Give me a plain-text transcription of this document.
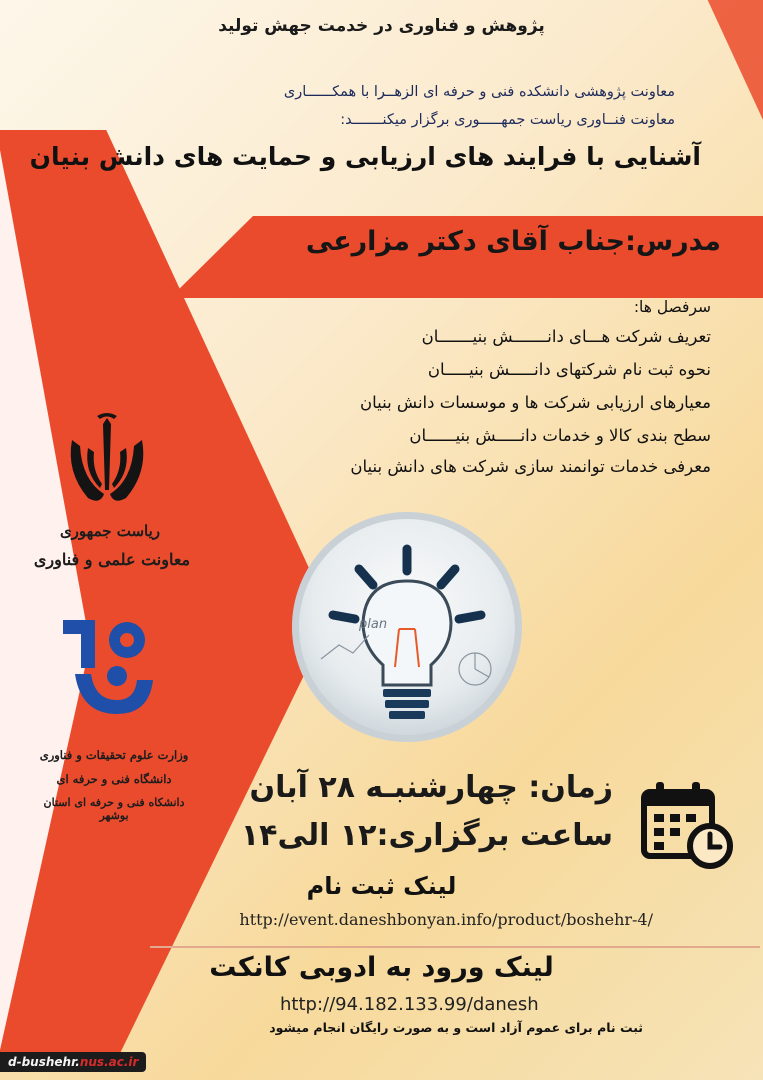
پژوهش و فناوری در خدمت جهش تولید
معاونت پژوهشی دانشکده فنی و حرفه ای الزهــرا با همکــــــاری
معاونت فنــاوری ریاست جمهـــــوری برگزار میکنـــــــد:
آشنایی با فرایند های ارزیابی و حمایت های دانش بنیان
مدرس:جناب آقای دکتر مزارعی
سرفصل ها:
تعریف شرکت هـــای دانـــــــش بنیـــــــان
نحوه ثبت نام شرکتهای دانـــــش بنیـــــان
معیارهای ارزیابی شرکت ها و موسسات دانش بنیان
سطح بندی کالا و خدمات دانـــــش بنیــــــان
معرفی خدمات توانمند سازی شرکت های دانش بنیان
ریاست جمهوری
معاونت علمی و فناوری
وزارت علوم تحقیقات و فناوری
دانشگاه فنی و حرفه ای
دانشکاه فنی و حرفه ای استان بوشهر
plan
زمان: چهارشنبـه ۲۸ آبان
ساعت برگزاری:۱۲ الی۱۴
لینک ثبت نام
http://event.daneshbonyan.info/product/boshehr-4/
لینک ورود به ادوبی کانکت
http://94.182.133.99/danesh
ثبت نام برای عموم آزاد است و به صورت رایگان انجام میشود
d-bushehr.nus.ac.ir
